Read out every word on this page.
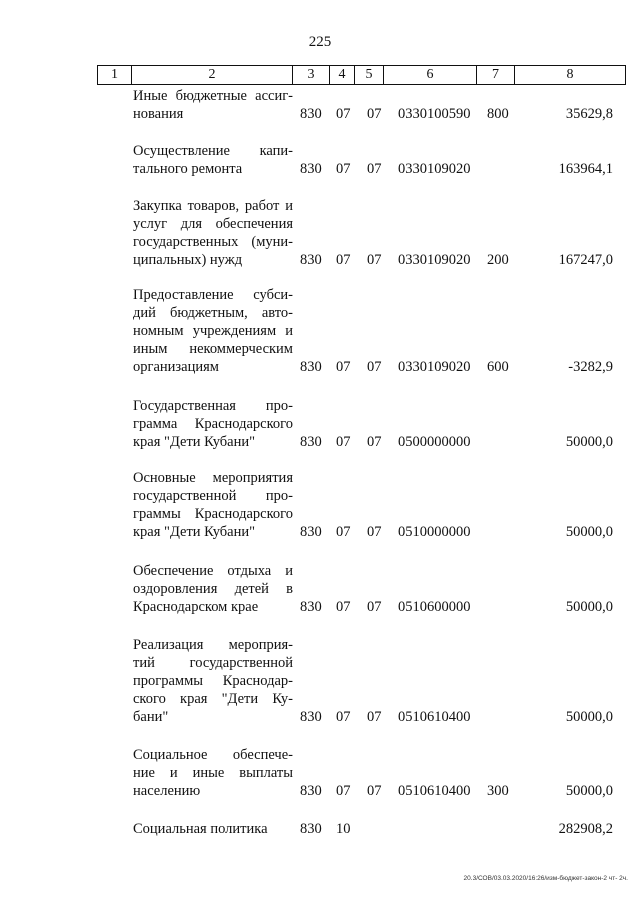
225
1	2	3	4	5	6	7	8
Иные бюджетные ассиг-нования	830 07 07 0330100590 800	35629,8
Осуществление капи-тального ремонта	830 07 07 0330109020	163964,1
Закупка товаров, работ и услуг для обеспечения государственных (муни-ципальных) нужд	830 07 07 0330109020 200	167247,0
Предоставление субси-дий бюджетным, авто-номным учреждениям и иным некоммерческим организациям	830 07 07 0330109020 600	-3282,9
Государственная про-грамма Краснодарского края "Дети Кубани"	830 07 07 0500000000	50000,0
Основные мероприятия государственной про-граммы Краснодарского края "Дети Кубани"	830 07 07 0510000000	50000,0
Обеспечение отдыха и оздоровления детей в Краснодарском крае	830 07 07 0510600000	50000,0
Реализация мероприя-тий государственной программы Краснодар-ского края "Дети Ку-бани"	830 07 07 0510610400	50000,0
Социальное обеспече-ние и иные выплаты населению	830 07 07 0510610400 300	50000,0
Социальная политика	830 10	282908,2
20.3/СОВ/03.03.2020/16:26/изм-бюджет-закон-2 чт- 2ч.
